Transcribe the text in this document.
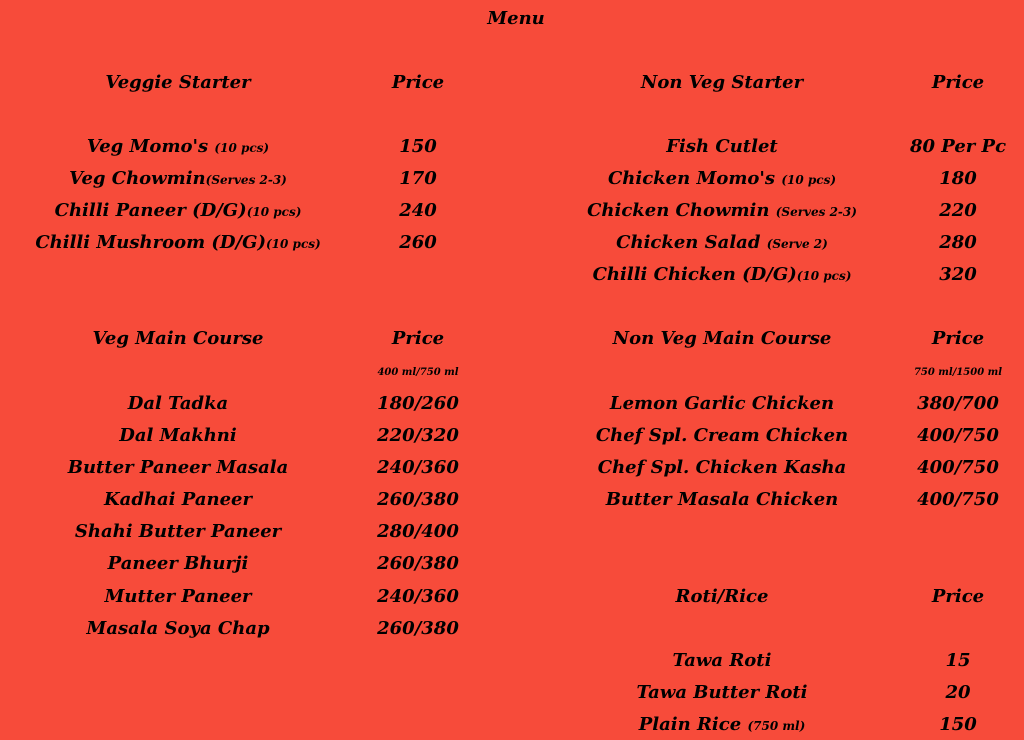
Menu
Veggie Starter	Price
Veg Momo's (10 pcs)	150
Veg Chowmin(Serves 2-3)	170
Chilli Paneer (D/G)(10 pcs)	240
Chilli Mushroom (D/G)(10 pcs)	260
Non Veg Starter	Price
Fish Cutlet	80 Per Pc
Chicken Momo's (10 pcs)	180
Chicken Chowmin (Serves 2-3)	220
Chicken Salad (Serve 2)	280
Chilli Chicken (D/G)(10 pcs)	320
Veg Main Course	Price
400 ml/750 ml
Dal Tadka	180/260
Dal Makhni	220/320
Butter Paneer Masala	240/360
Kadhai Paneer	260/380
Shahi Butter Paneer	280/400
Paneer Bhurji	260/380
Mutter Paneer	240/360
Masala Soya Chap	260/380
Non Veg Main Course	Price
750 ml/1500 ml
Lemon Garlic Chicken	380/700
Chef Spl. Cream Chicken	400/750
Chef Spl. Chicken Kasha	400/750
Butter Masala Chicken	400/750
Roti/Rice	Price
Tawa Roti	15
Tawa Butter Roti	20
Plain Rice (750 ml)	150
